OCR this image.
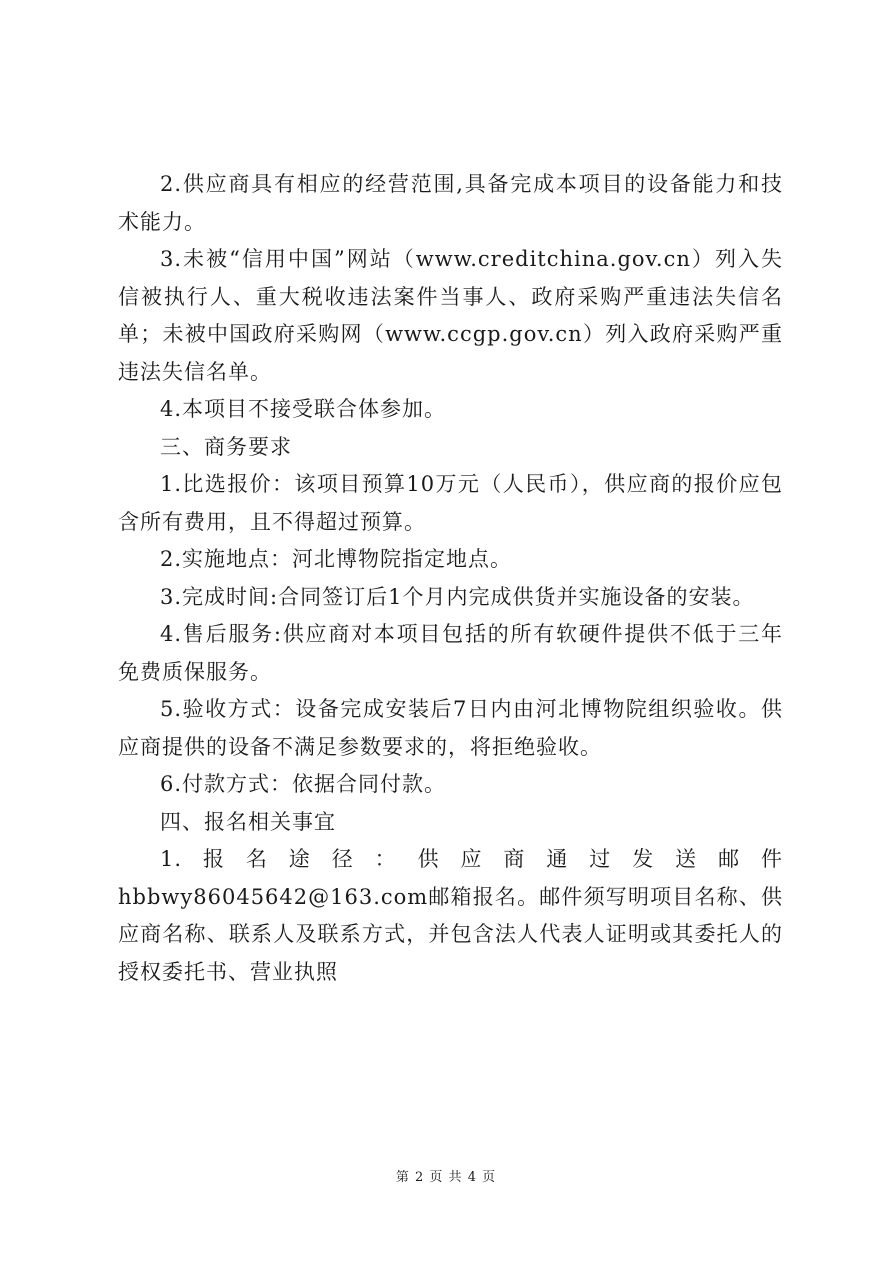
2.供应商具有相应的经营范围,具备完成本项目的设备能力和技术能力。

3.未被“信用中国”网站（www.creditchina.gov.cn）列入失信被执行人、重大税收违法案件当事人、政府采购严重违法失信名单；未被中国政府采购网（www.ccgp.gov.cn）列入政府采购严重违法失信名单。

4.本项目不接受联合体参加。

三、商务要求

1.比选报价：该项目预算10万元（人民币），供应商的报价应包含所有费用，且不得超过预算。

2.实施地点：河北博物院指定地点。

3.完成时间:合同签订后1个月内完成供货并实施设备的安装。

4.售后服务:供应商对本项目包括的所有软硬件提供不低于三年免费质保服务。

5.验收方式：设备完成安装后7日内由河北博物院组织验收。供应商提供的设备不满足参数要求的，将拒绝验收。

6.付款方式：依据合同付款。

四、报名相关事宜

1.报名途径：供应商通过发送邮件hbbwy86045642@163.com邮箱报名。邮件须写明项目名称、供应商名称、联系人及联系方式，并包含法人代表人证明或其委托人的授权委托书、营业执照

第 2 页 共 4 页
